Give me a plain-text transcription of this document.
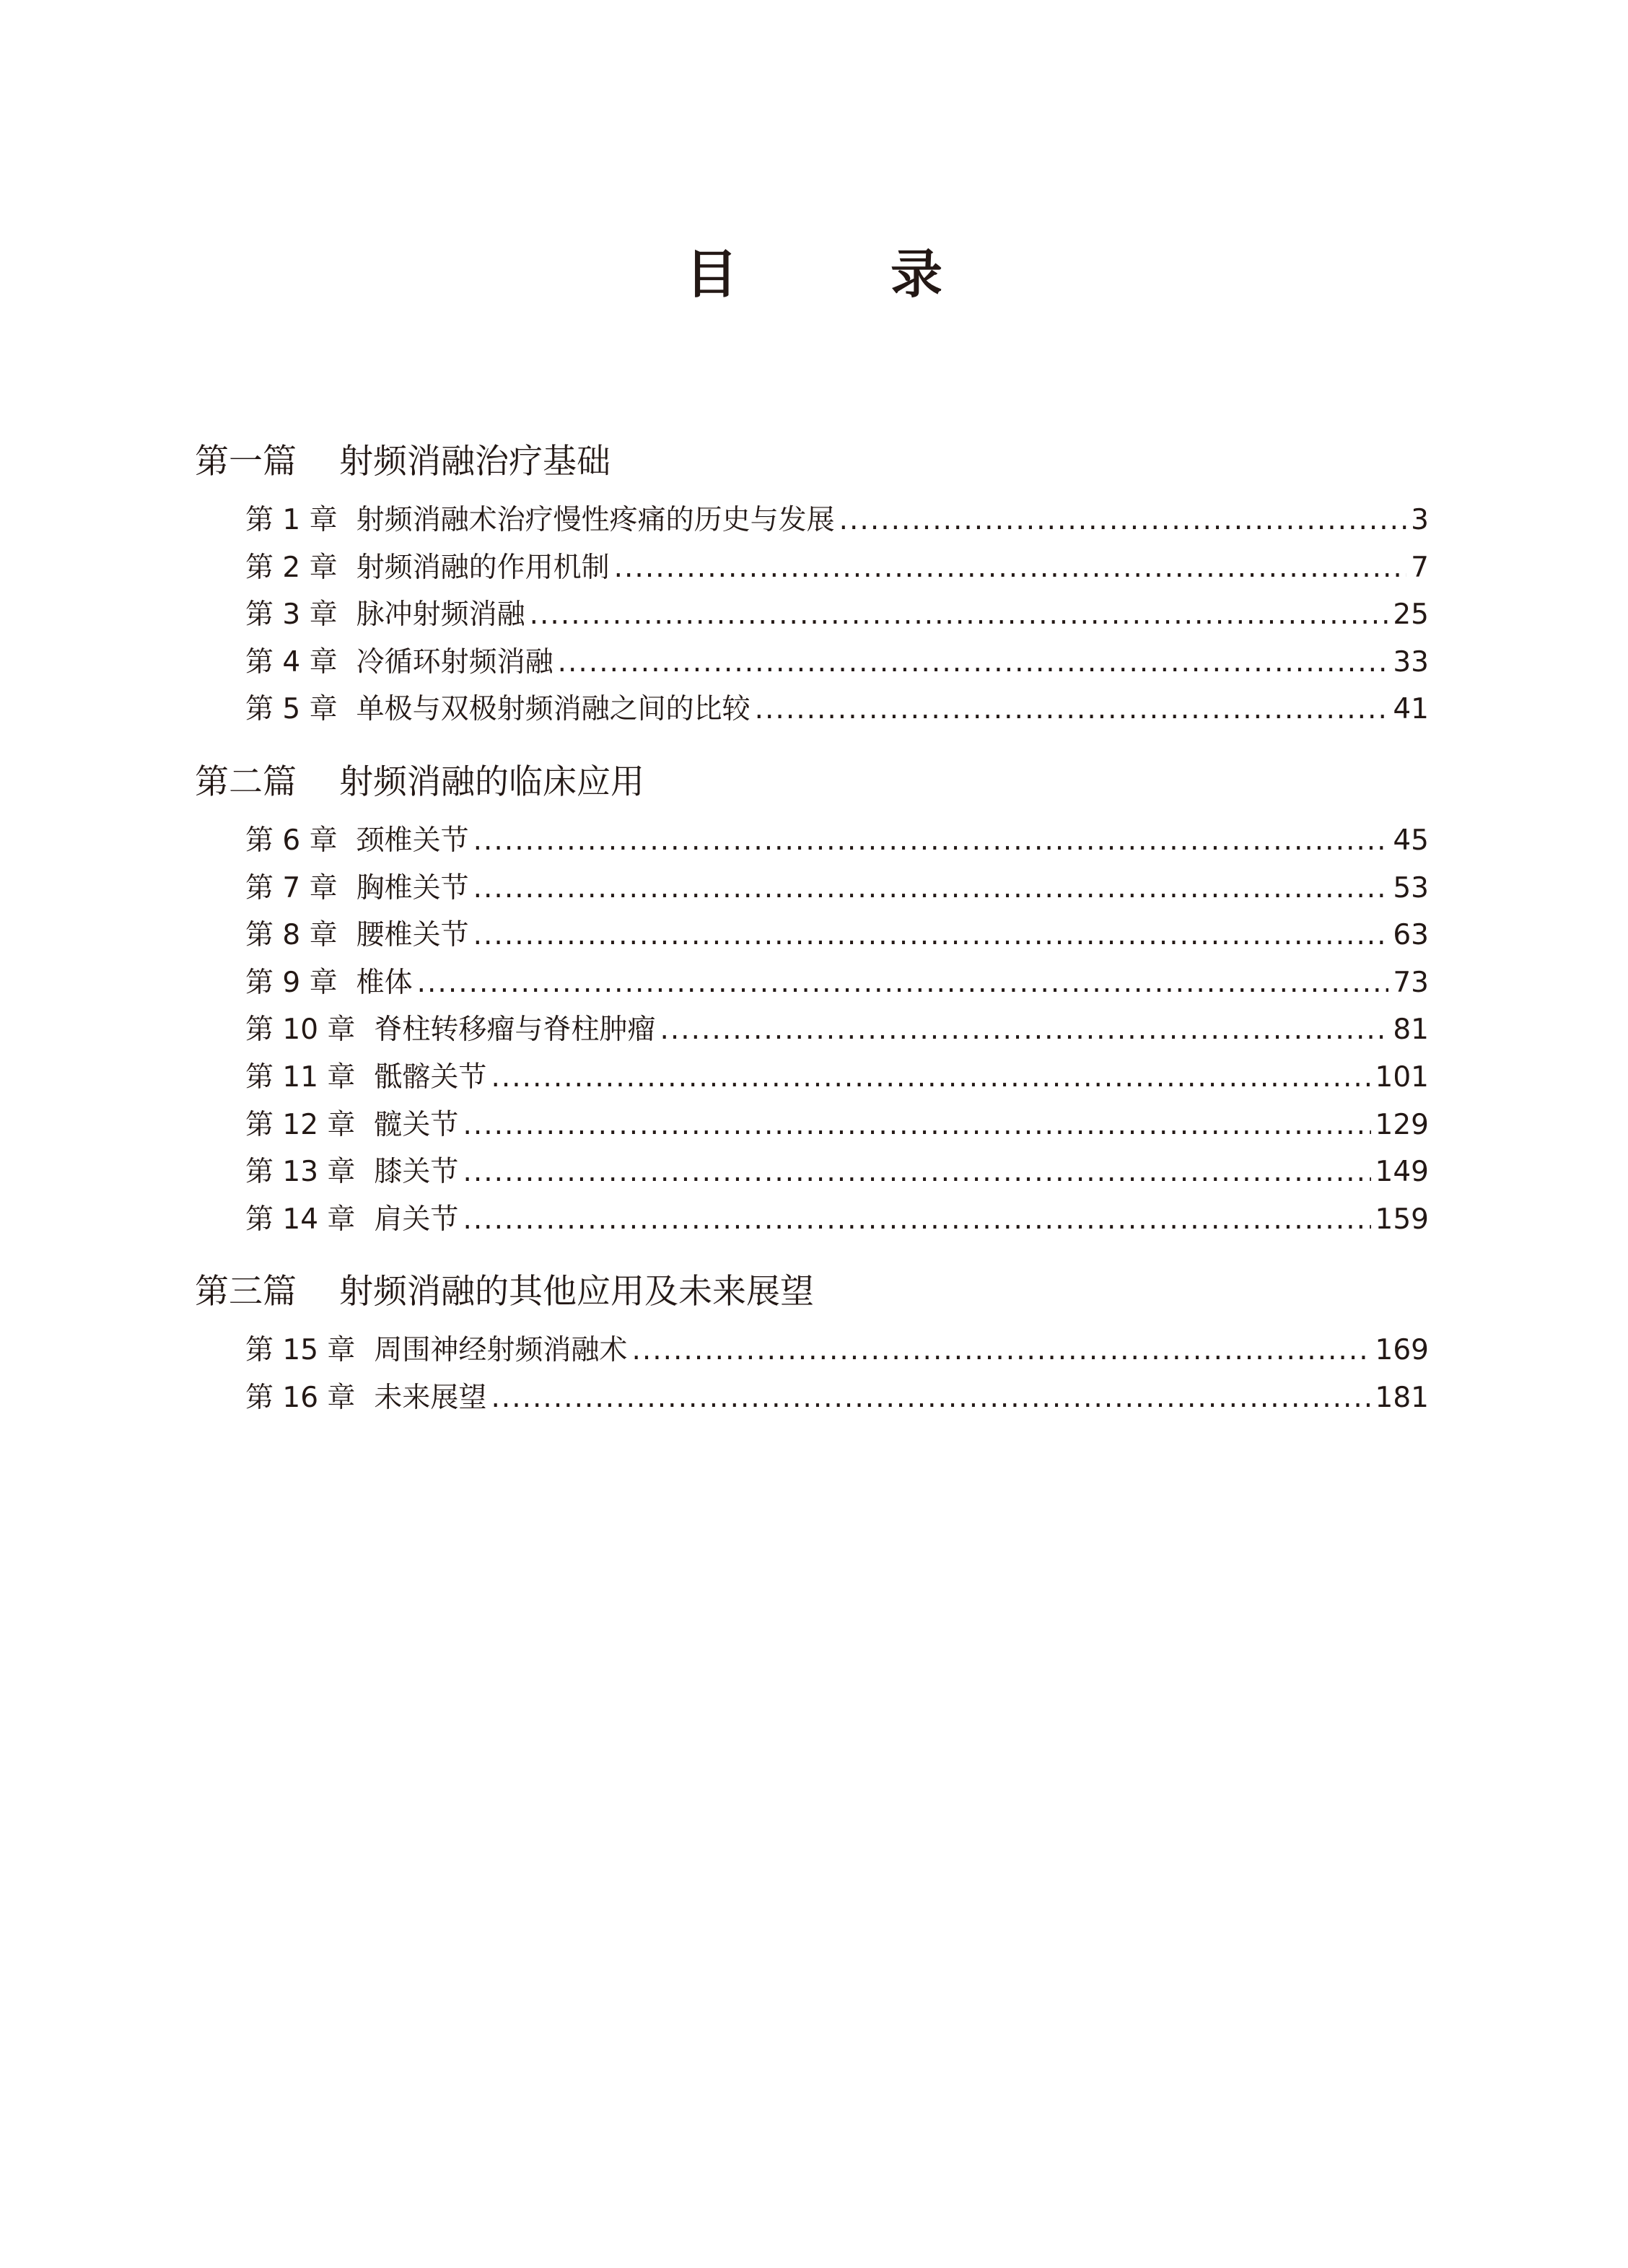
目　录
第一篇 射频消融治疗基础
第 1 章 射频消融术治疗慢性疼痛的历史与发展 .....	3
第 2 章 射频消融的作用机制 .....	7
第 3 章 脉冲射频消融 .....	25
第 4 章 冷循环射频消融 .....	33
第 5 章 单极与双极射频消融之间的比较 .....	41
第二篇 射频消融的临床应用
第 6 章 颈椎关节 .....	45
第 7 章 胸椎关节 .....	53
第 8 章 腰椎关节 .....	63
第 9 章 椎体 .....	73
第 10 章 脊柱转移瘤与脊柱肿瘤 .....	81
第 11 章 骶髂关节 .....	101
第 12 章 髋关节 .....	129
第 13 章 膝关节 .....	149
第 14 章 肩关节 .....	159
第三篇 射频消融的其他应用及未来展望
第 15 章 周围神经射频消融术 .....	169
第 16 章 未来展望 .....	181
